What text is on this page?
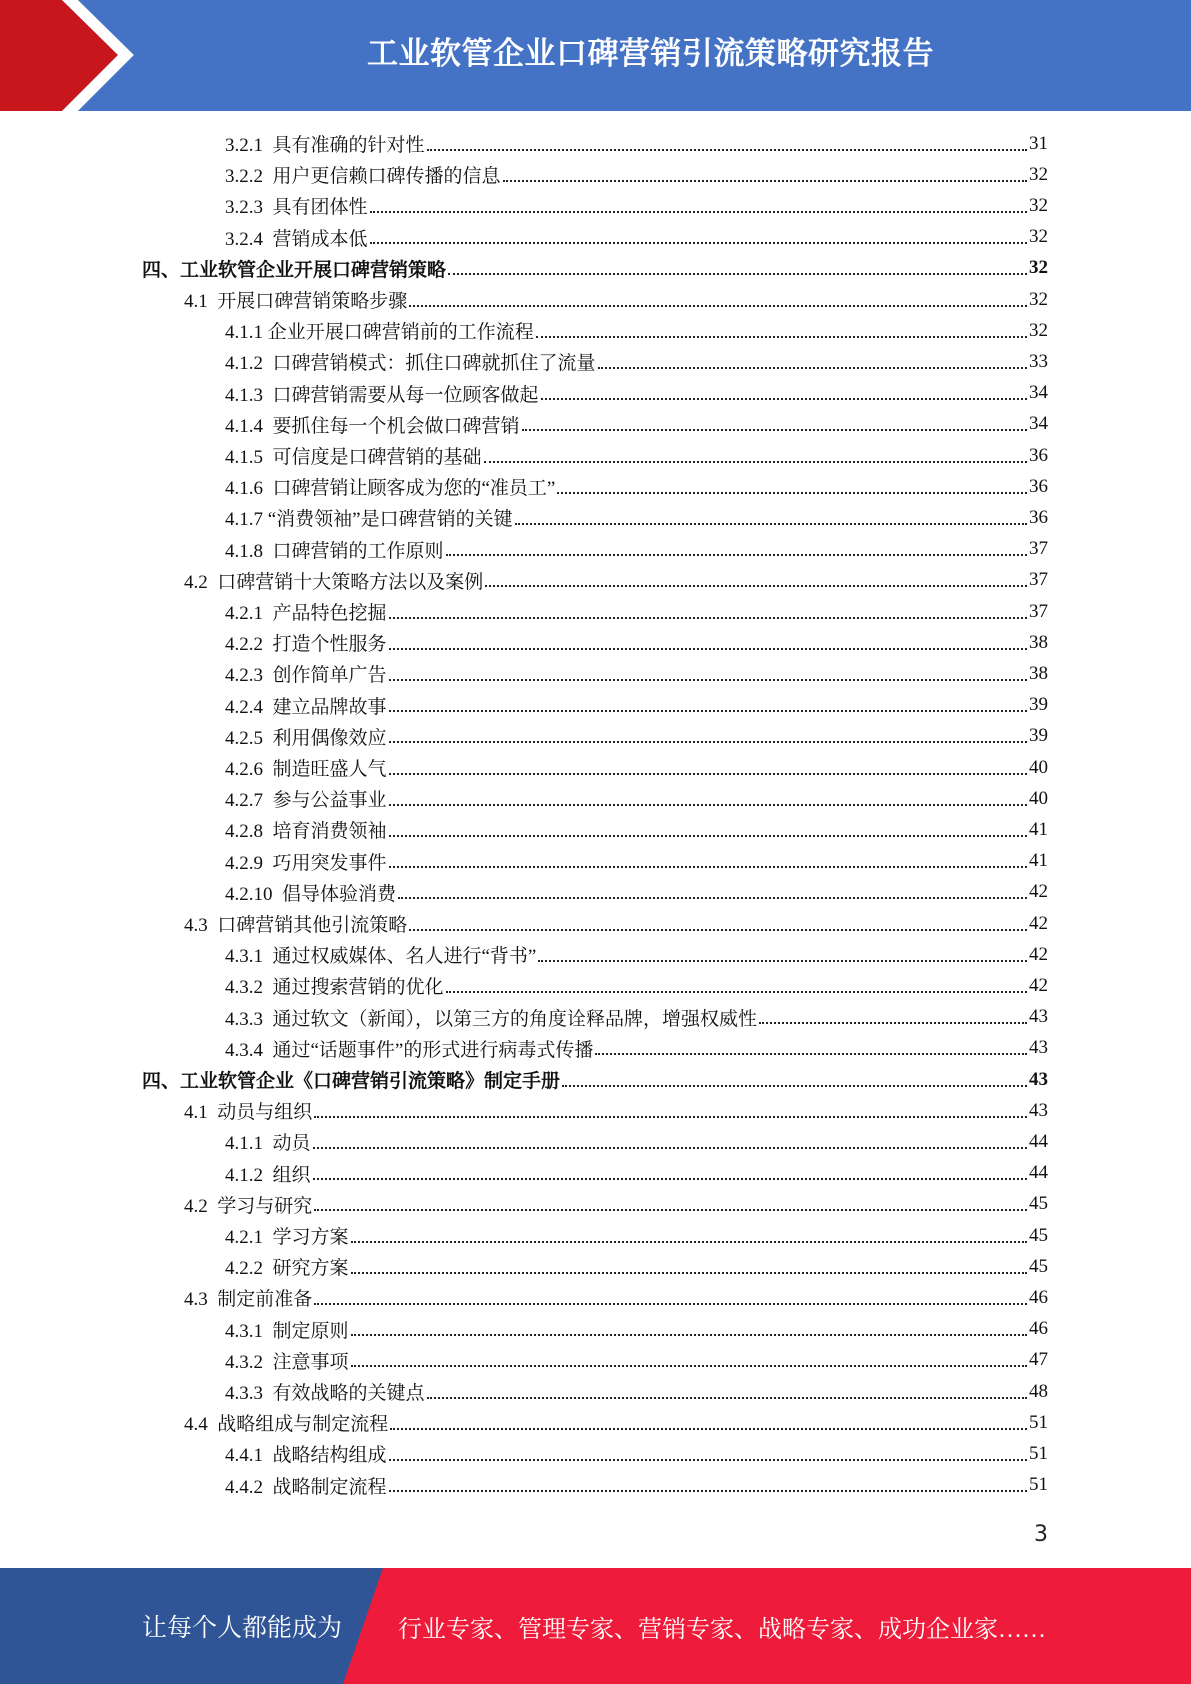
工业软管企业口碑营销引流策略研究报告
3.2.1  具有准确的针对性	31
3.2.2  用户更信赖口碑传播的信息	32
3.2.3  具有团体性	32
3.2.4  营销成本低	32
四、工业软管企业开展口碑营销策略	32
4.1  开展口碑营销策略步骤	32
4.1.1 企业开展口碑营销前的工作流程	32
4.1.2  口碑营销模式：抓住口碑就抓住了流量	33
4.1.3  口碑营销需要从每一位顾客做起	34
4.1.4  要抓住每一个机会做口碑营销	34
4.1.5  可信度是口碑营销的基础	36
4.1.6  口碑营销让顾客成为您的“准员工”	36
4.1.7 “消费领袖”是口碑营销的关键	36
4.1.8  口碑营销的工作原则	37
4.2  口碑营销十大策略方法以及案例	37
4.2.1  产品特色挖掘	37
4.2.2  打造个性服务	38
4.2.3  创作简单广告	38
4.2.4  建立品牌故事	39
4.2.5  利用偶像效应	39
4.2.6  制造旺盛人气	40
4.2.7  参与公益事业	40
4.2.8  培育消费领袖	41
4.2.9  巧用突发事件	41
4.2.10  倡导体验消费	42
4.3  口碑营销其他引流策略	42
4.3.1  通过权威媒体、名人进行“背书”	42
4.3.2  通过搜索营销的优化	42
4.3.3  通过软文（新闻），以第三方的角度诠释品牌，增强权威性	43
4.3.4  通过“话题事件”的形式进行病毒式传播	43
四、工业软管企业《口碑营销引流策略》制定手册	43
4.1  动员与组织	43
4.1.1  动员	44
4.1.2  组织	44
4.2  学习与研究	45
4.2.1  学习方案	45
4.2.2  研究方案	45
4.3  制定前准备	46
4.3.1  制定原则	46
4.3.2  注意事项	47
4.3.3  有效战略的关键点	48
4.4  战略组成与制定流程	51
4.4.1  战略结构组成	51
4.4.2  战略制定流程	51
3
让每个人都能成为 行业专家、管理专家、营销专家、战略专家、成功企业家……
